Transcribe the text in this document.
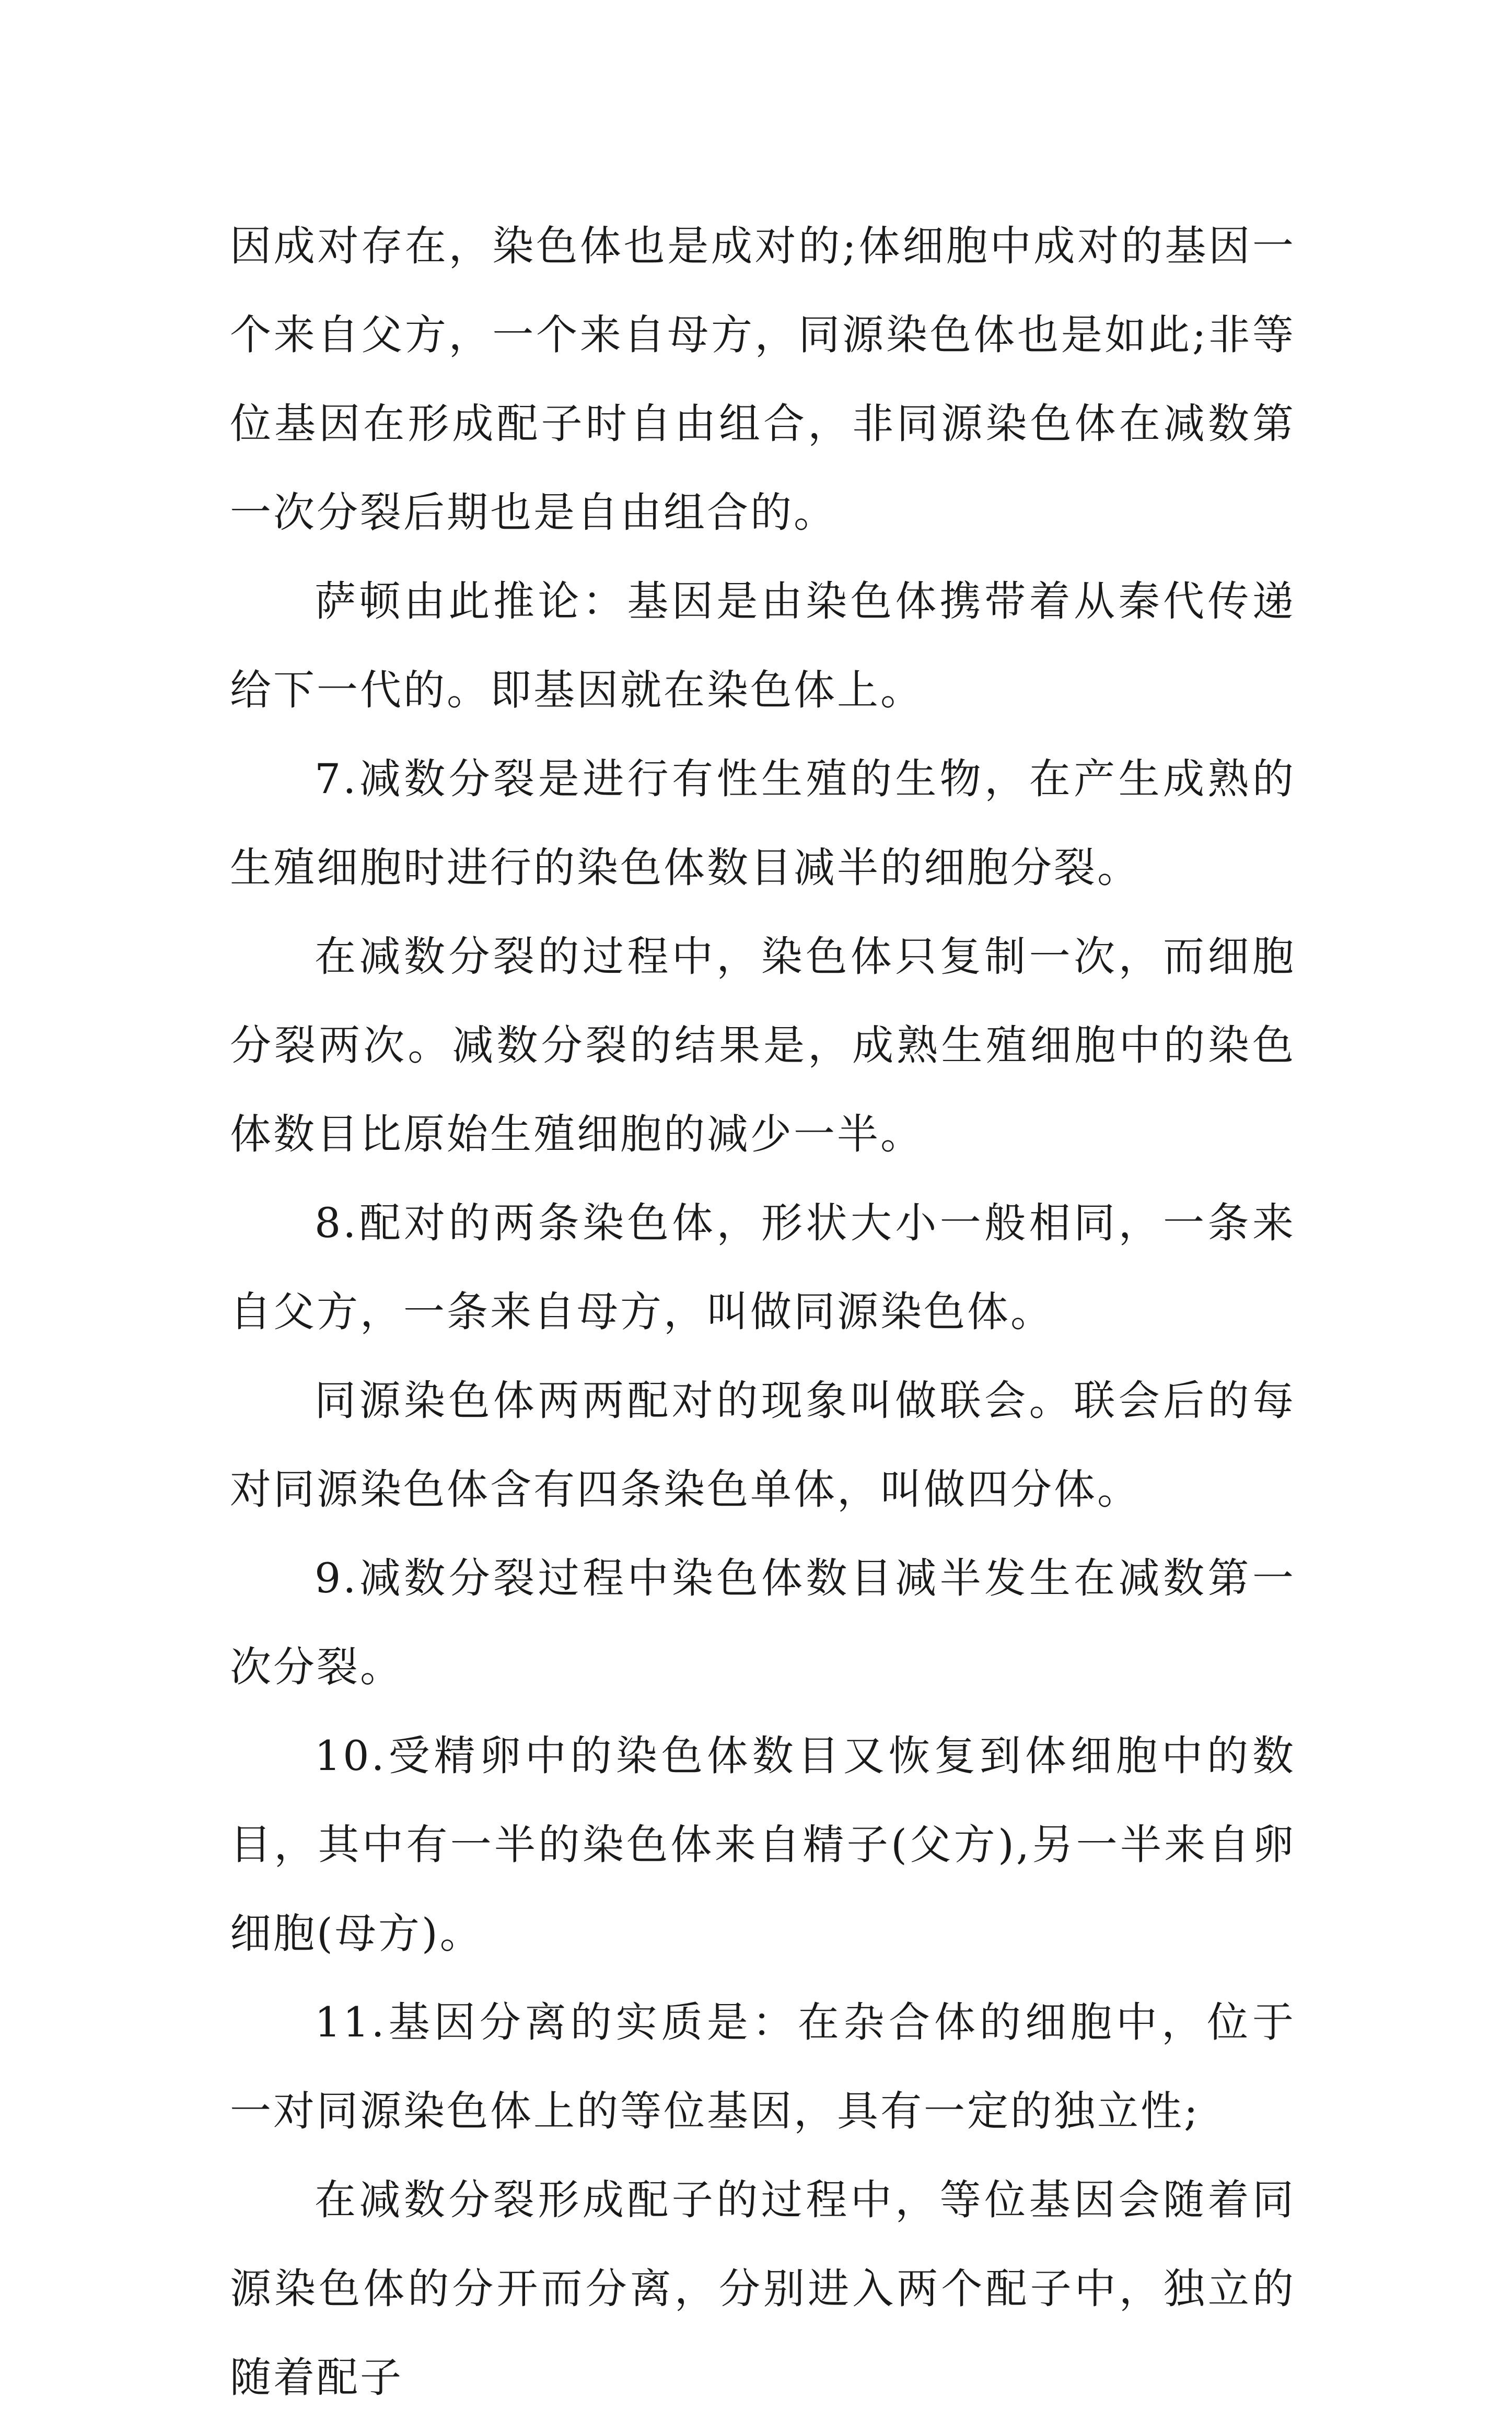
因成对存在，染色体也是成对的;体细胞中成对的基因一个来自父方，一个来自母方，同源染色体也是如此;非等位基因在形成配子时自由组合，非同源染色体在减数第一次分裂后期也是自由组合的。

萨顿由此推论：基因是由染色体携带着从秦代传递给下一代的。即基因就在染色体上。

7.减数分裂是进行有性生殖的生物，在产生成熟的生殖细胞时进行的染色体数目减半的细胞分裂。

在减数分裂的过程中，染色体只复制一次，而细胞分裂两次。减数分裂的结果是，成熟生殖细胞中的染色体数目比原始生殖细胞的减少一半。

8.配对的两条染色体，形状大小一般相同，一条来自父方，一条来自母方，叫做同源染色体。

同源染色体两两配对的现象叫做联会。联会后的每对同源染色体含有四条染色单体，叫做四分体。

9.减数分裂过程中染色体数目减半发生在减数第一次分裂。

10.受精卵中的染色体数目又恢复到体细胞中的数目，其中有一半的染色体来自精子(父方),另一半来自卵细胞(母方)。

11.基因分离的实质是：在杂合体的细胞中，位于一对同源染色体上的等位基因，具有一定的独立性;

在减数分裂形成配子的过程中，等位基因会随着同源染色体的分开而分离，分别进入两个配子中，独立的随着配子
